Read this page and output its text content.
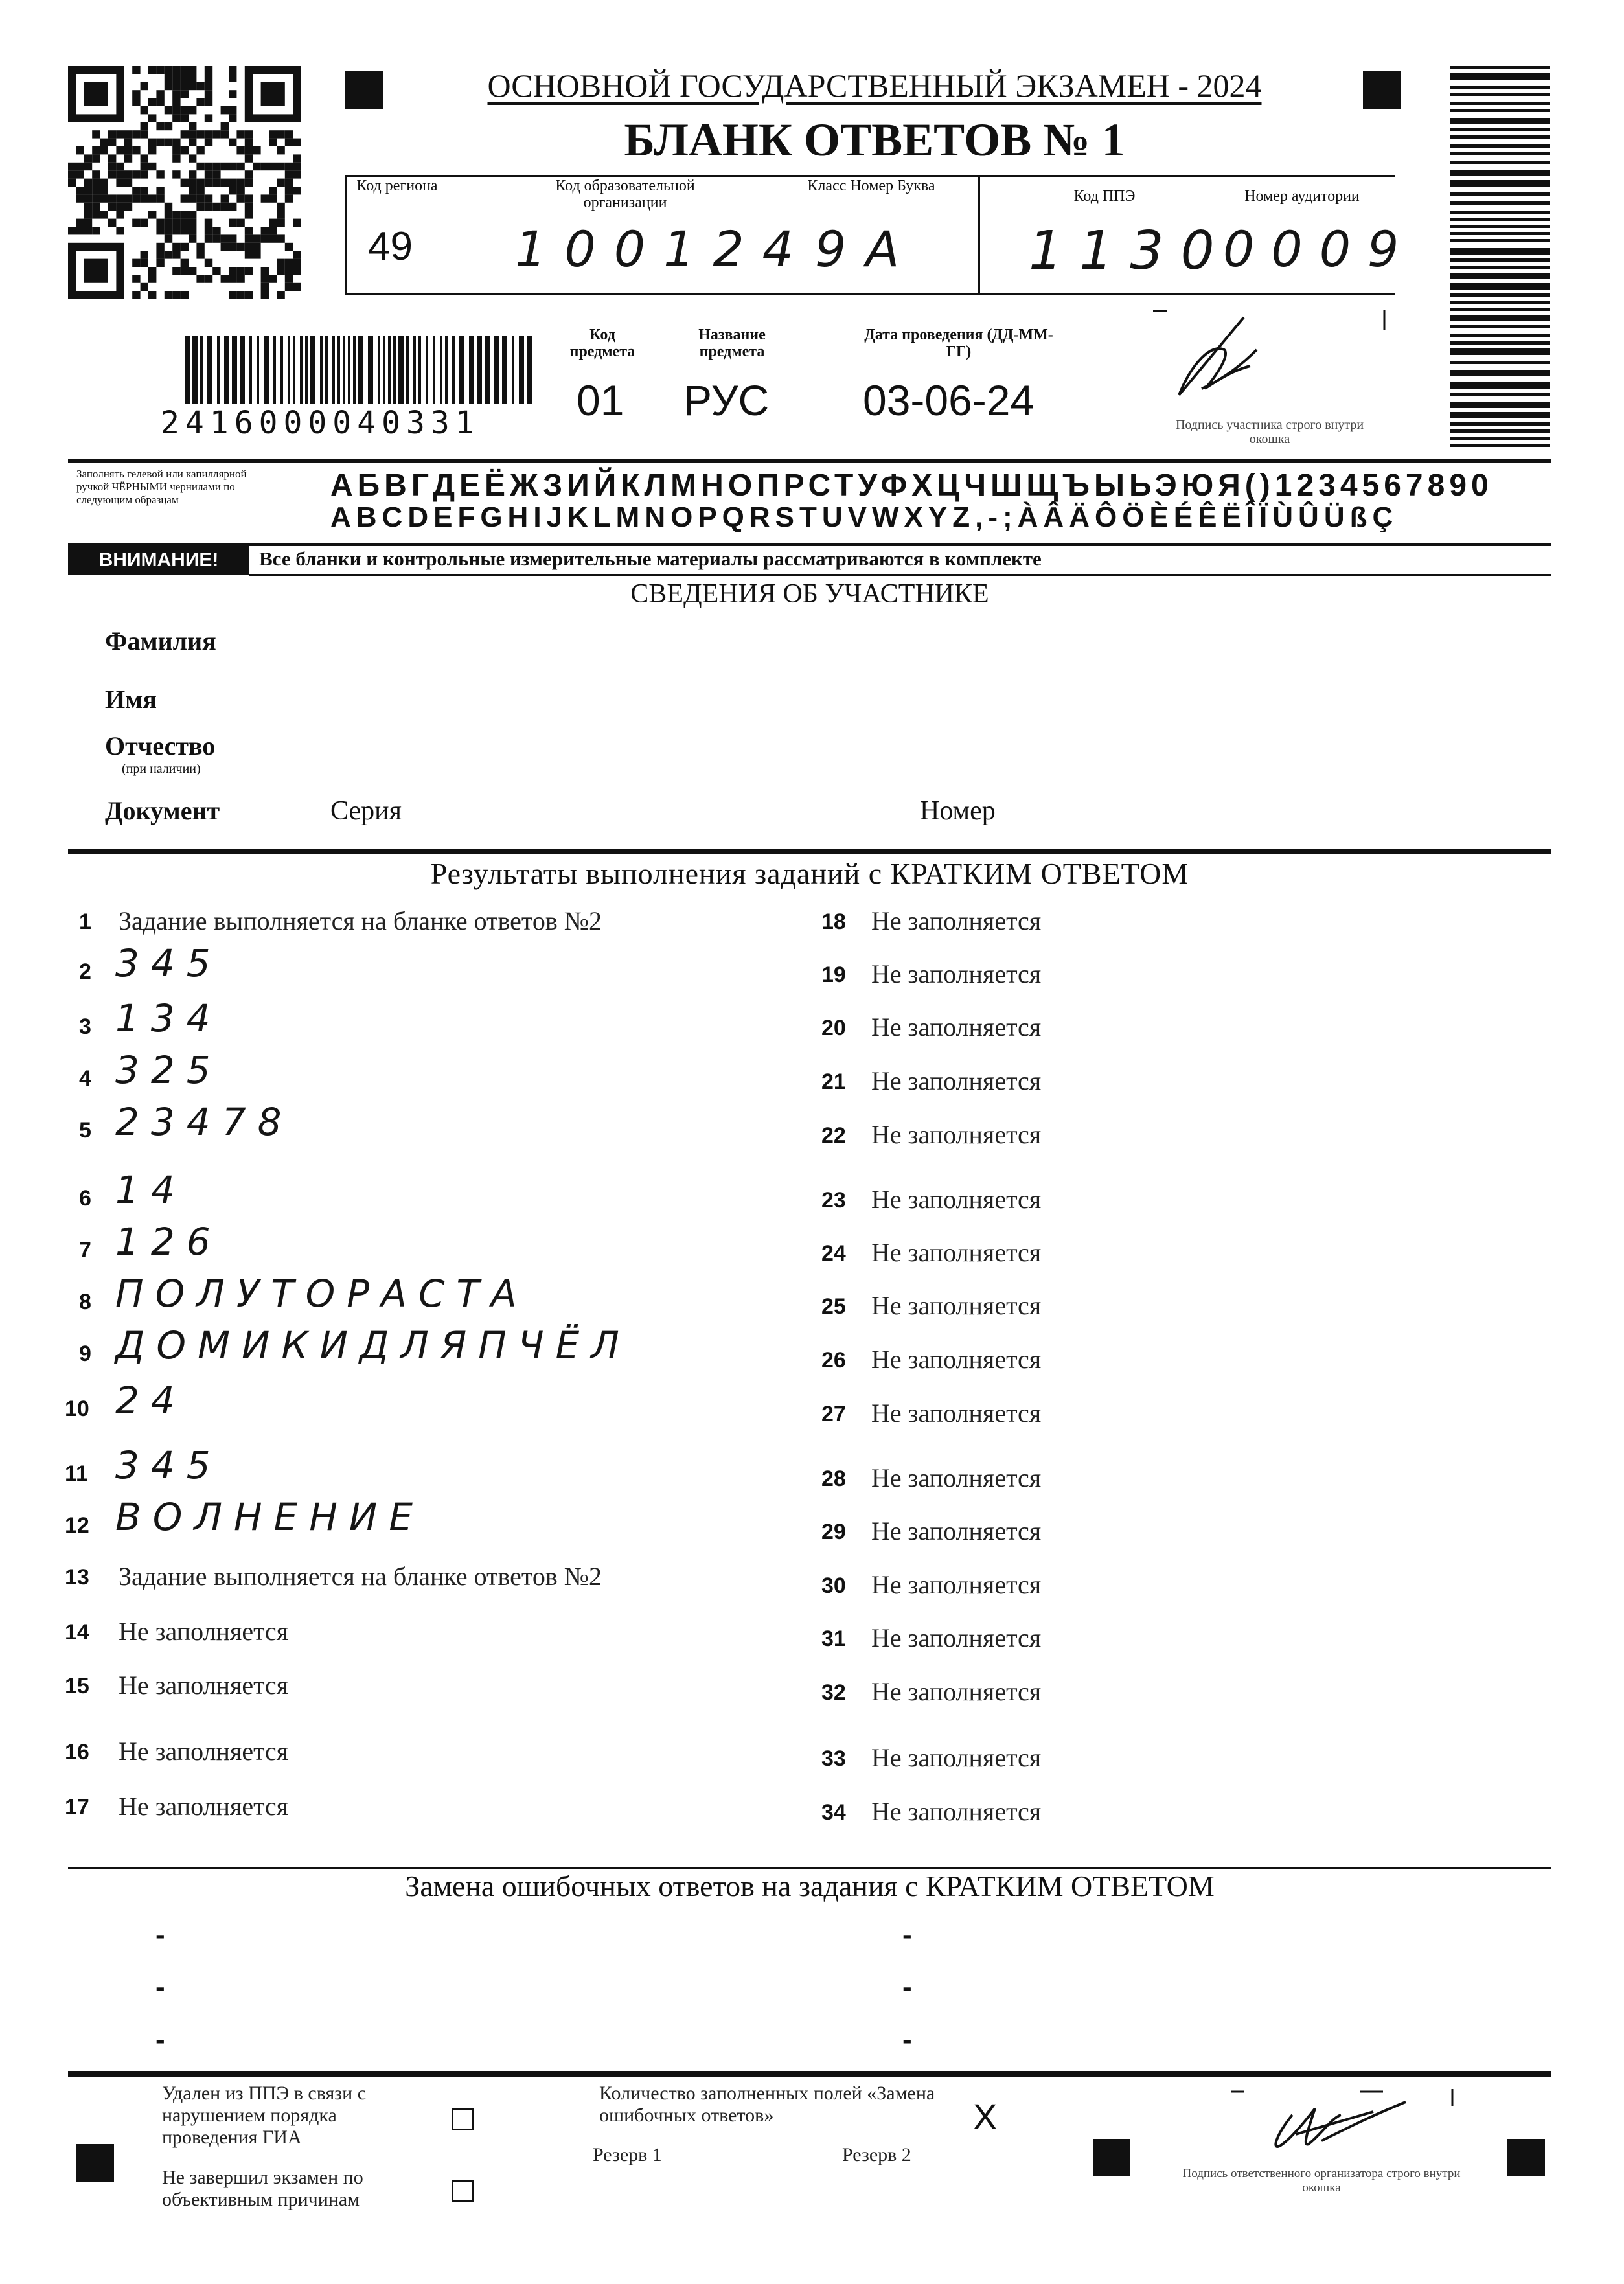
ОСНОВНОЙ ГОСУДАРСТВЕННЫЙ ЭКЗАМЕН - 2024
БЛАНК ОТВЕТОВ № 1
Код региона
49
Код образовательной организации
100124
Класс Номер Буква
9А
Код ППЭ
1130
Номер аудитории
0009
2416000040331
Код предмета
01
Название предмета
РУС
Дата проведения (ДД-ММ-ГГ)
03-06-24
Подпись участника строго внутри окошка
Заполнять гелевой или капиллярной ручкой ЧЁРНЫМИ чернилами по следующим образцам	АБВГДЕЁЖЗИЙКЛМНОПРСТУФХЦЧШЩЪЫЬЭЮЯ()1234567890
ABCDEFGHIJKLMNOPQRSTUVWXYZ,-;ÀÂÄÔÖÈÉÊËÎÏÙÛÜßÇ
ВНИМАНИЕ!	Все бланки и контрольные измерительные материалы рассматриваются в комплекте
СВЕДЕНИЯ ОБ УЧАСТНИКЕ
Фамилия
Имя
Отчество
(при наличии)
Документ	Серия	Номер
Результаты выполнения заданий с КРАТКИМ ОТВЕТОМ
1 Задание выполняется на бланке ответов №2
2 345
3 134
4 325
5 23478
6 14
7 126
8 ПОЛУТОРАСТА
9 ДОМИКИДЛЯПЧЁЛ
10 24
11 345
12 ВОЛНЕНИЕ
13 Задание выполняется на бланке ответов №2
14 Не заполняется
15 Не заполняется
16 Не заполняется
17 Не заполняется
18 Не заполняется
19 Не заполняется
20 Не заполняется
21 Не заполняется
22 Не заполняется
23 Не заполняется
24 Не заполняется
25 Не заполняется
26 Не заполняется
27 Не заполняется
28 Не заполняется
29 Не заполняется
30 Не заполняется
31 Не заполняется
32 Не заполняется
33 Не заполняется
34 Не заполняется
Замена ошибочных ответов на задания с КРАТКИМ ОТВЕТОМ
-
-
-
-
-
-
Удален из ППЭ в связи с нарушением порядка проведения ГИА
Не завершил экзамен по объективным причинам
Количество заполненных полей «Замена ошибочных ответов»	X
Резерв 1	Резерв 2
Подпись ответственного организатора строго внутри окошка
